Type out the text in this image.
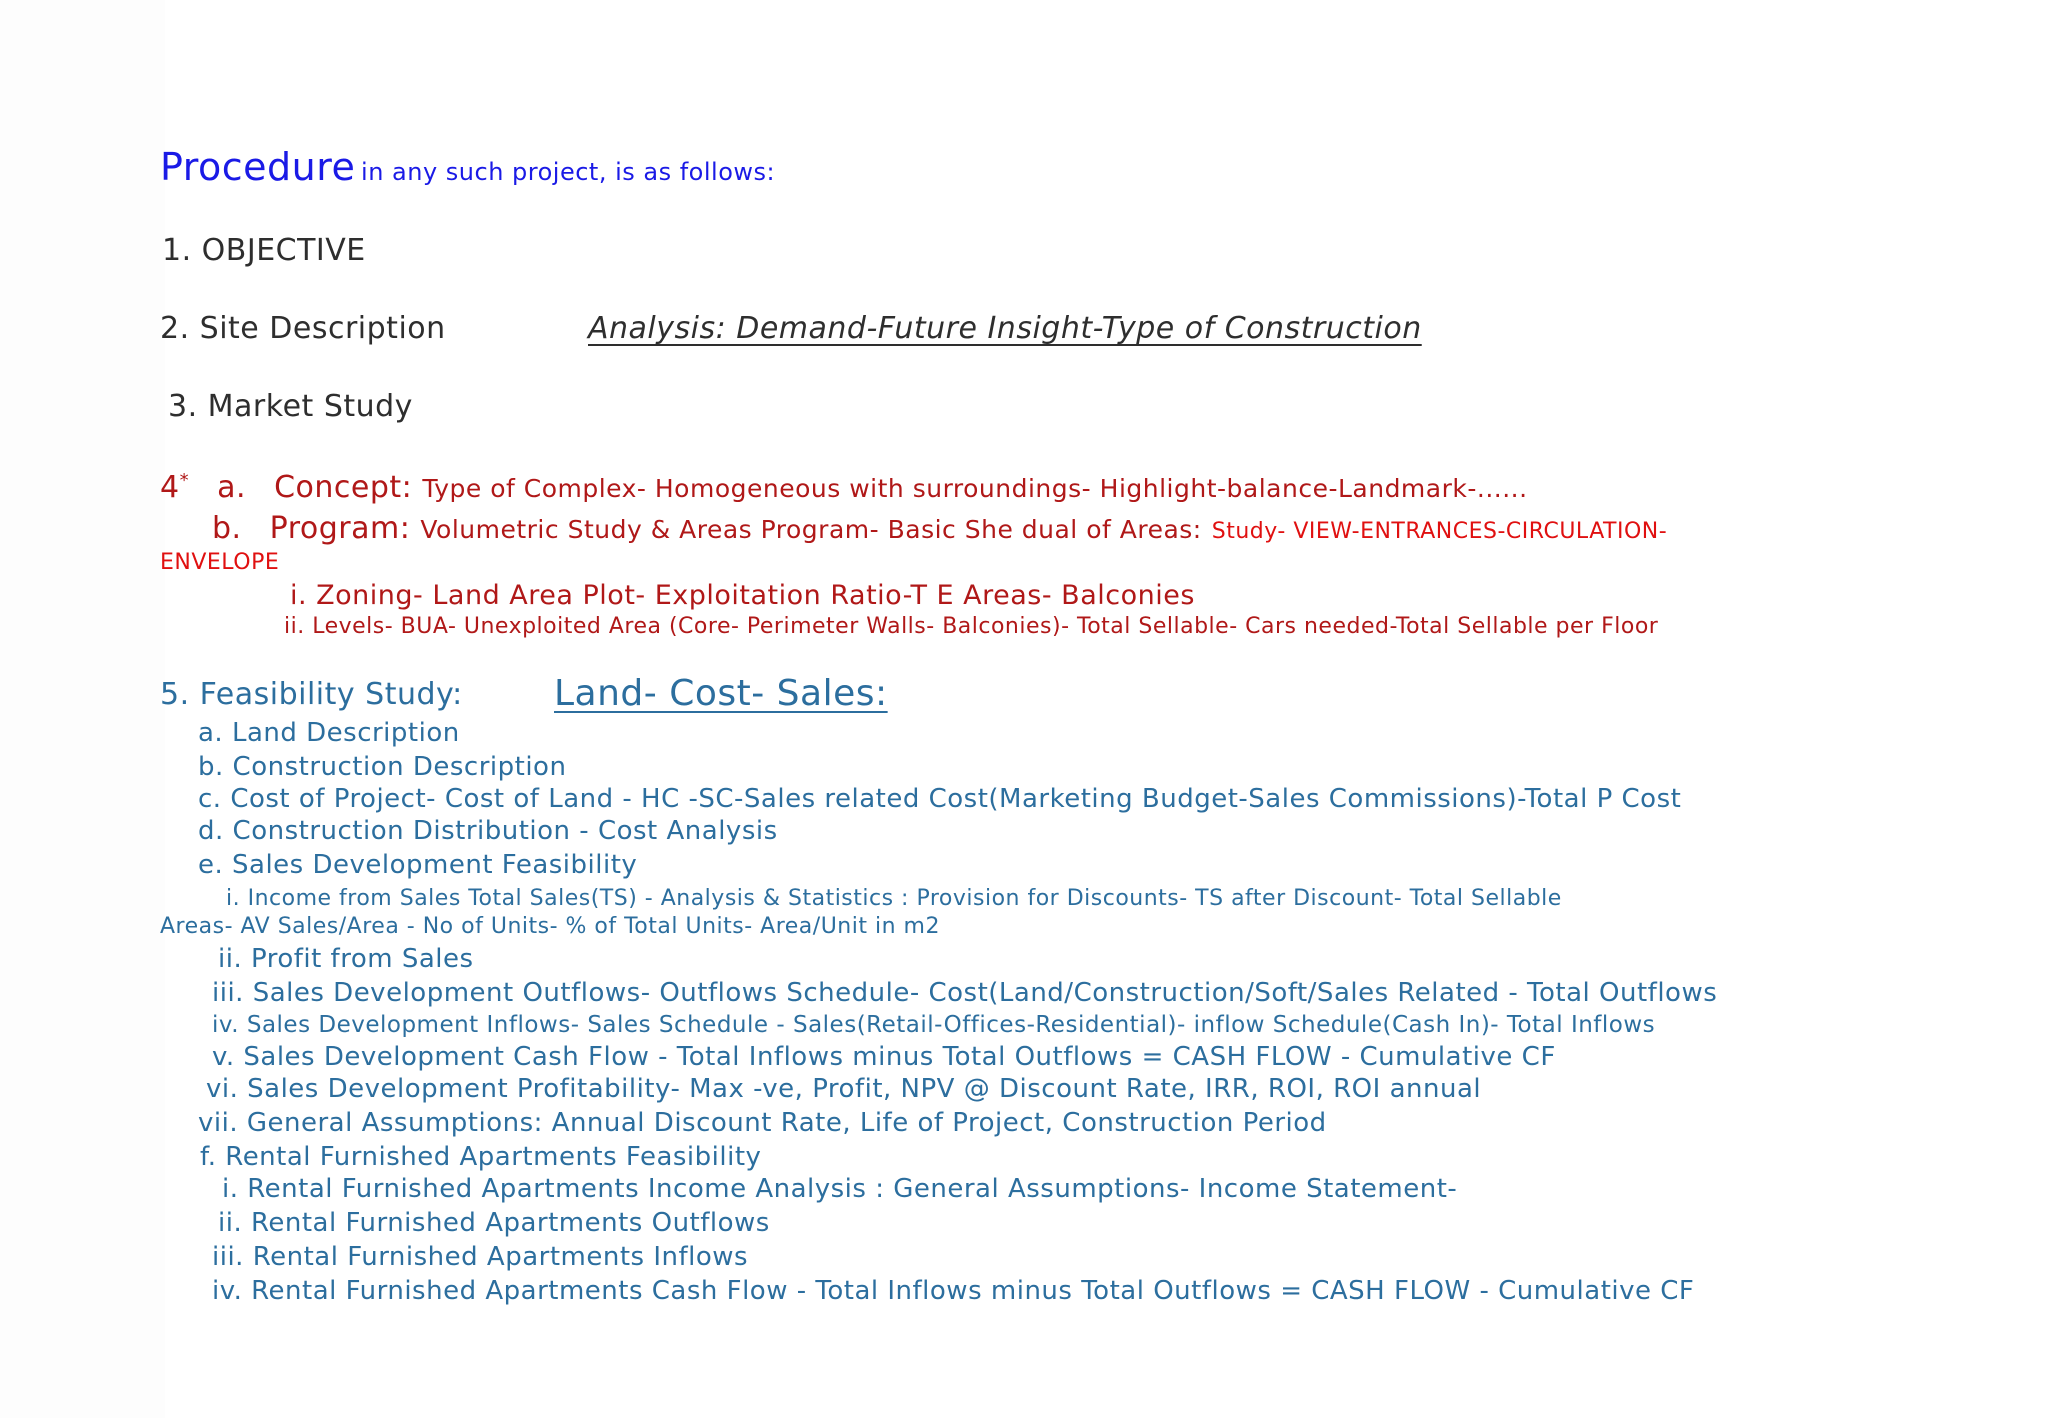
Procedure in any such project, is as follows:
1. OBJECTIVE
2. Site Description	Analysis: Demand-Future Insight-Type of Construction
3. Market Study
4* a. Concept: Type of Complex- Homogeneous with surroundings- Highlight-balance-Landmark-......
b. Program: Volumetric Study & Areas Program- Basic She dual of Areas: Study- VIEW-ENTRANCES-CIRCULATION-
ENVELOPE
i. Zoning- Land Area Plot- Exploitation Ratio-T E Areas- Balconies
ii. Levels- BUA- Unexploited Area (Core- Perimeter Walls- Balconies)- Total Sellable- Cars needed-Total Sellable per Floor
5. Feasibility Study:	Land- Cost- Sales:
a. Land Description
b. Construction Description
c. Cost of Project- Cost of Land - HC -SC-Sales related Cost(Marketing Budget-Sales Commissions)-Total P Cost
d. Construction Distribution - Cost Analysis
e. Sales Development Feasibility
i. Income from Sales Total Sales(TS) - Analysis & Statistics : Provision for Discounts- TS after Discount- Total Sellable
Areas- AV Sales/Area - No of Units- % of Total Units- Area/Unit in m2
ii. Profit from Sales
iii. Sales Development Outflows- Outflows Schedule- Cost(Land/Construction/Soft/Sales Related - Total Outflows
iv. Sales Development Inflows- Sales Schedule - Sales(Retail-Offices-Residential)- inflow Schedule(Cash In)- Total Inflows
v. Sales Development Cash Flow - Total Inflows minus Total Outflows = CASH FLOW - Cumulative CF
vi. Sales Development Profitability- Max -ve, Profit, NPV @ Discount Rate, IRR, ROI, ROI annual
vii. General Assumptions: Annual Discount Rate, Life of Project, Construction Period
f. Rental Furnished Apartments Feasibility
i. Rental Furnished Apartments Income Analysis : General Assumptions- Income Statement-
ii. Rental Furnished Apartments Outflows
iii. Rental Furnished Apartments Inflows
iv. Rental Furnished Apartments Cash Flow - Total Inflows minus Total Outflows = CASH FLOW - Cumulative CF
